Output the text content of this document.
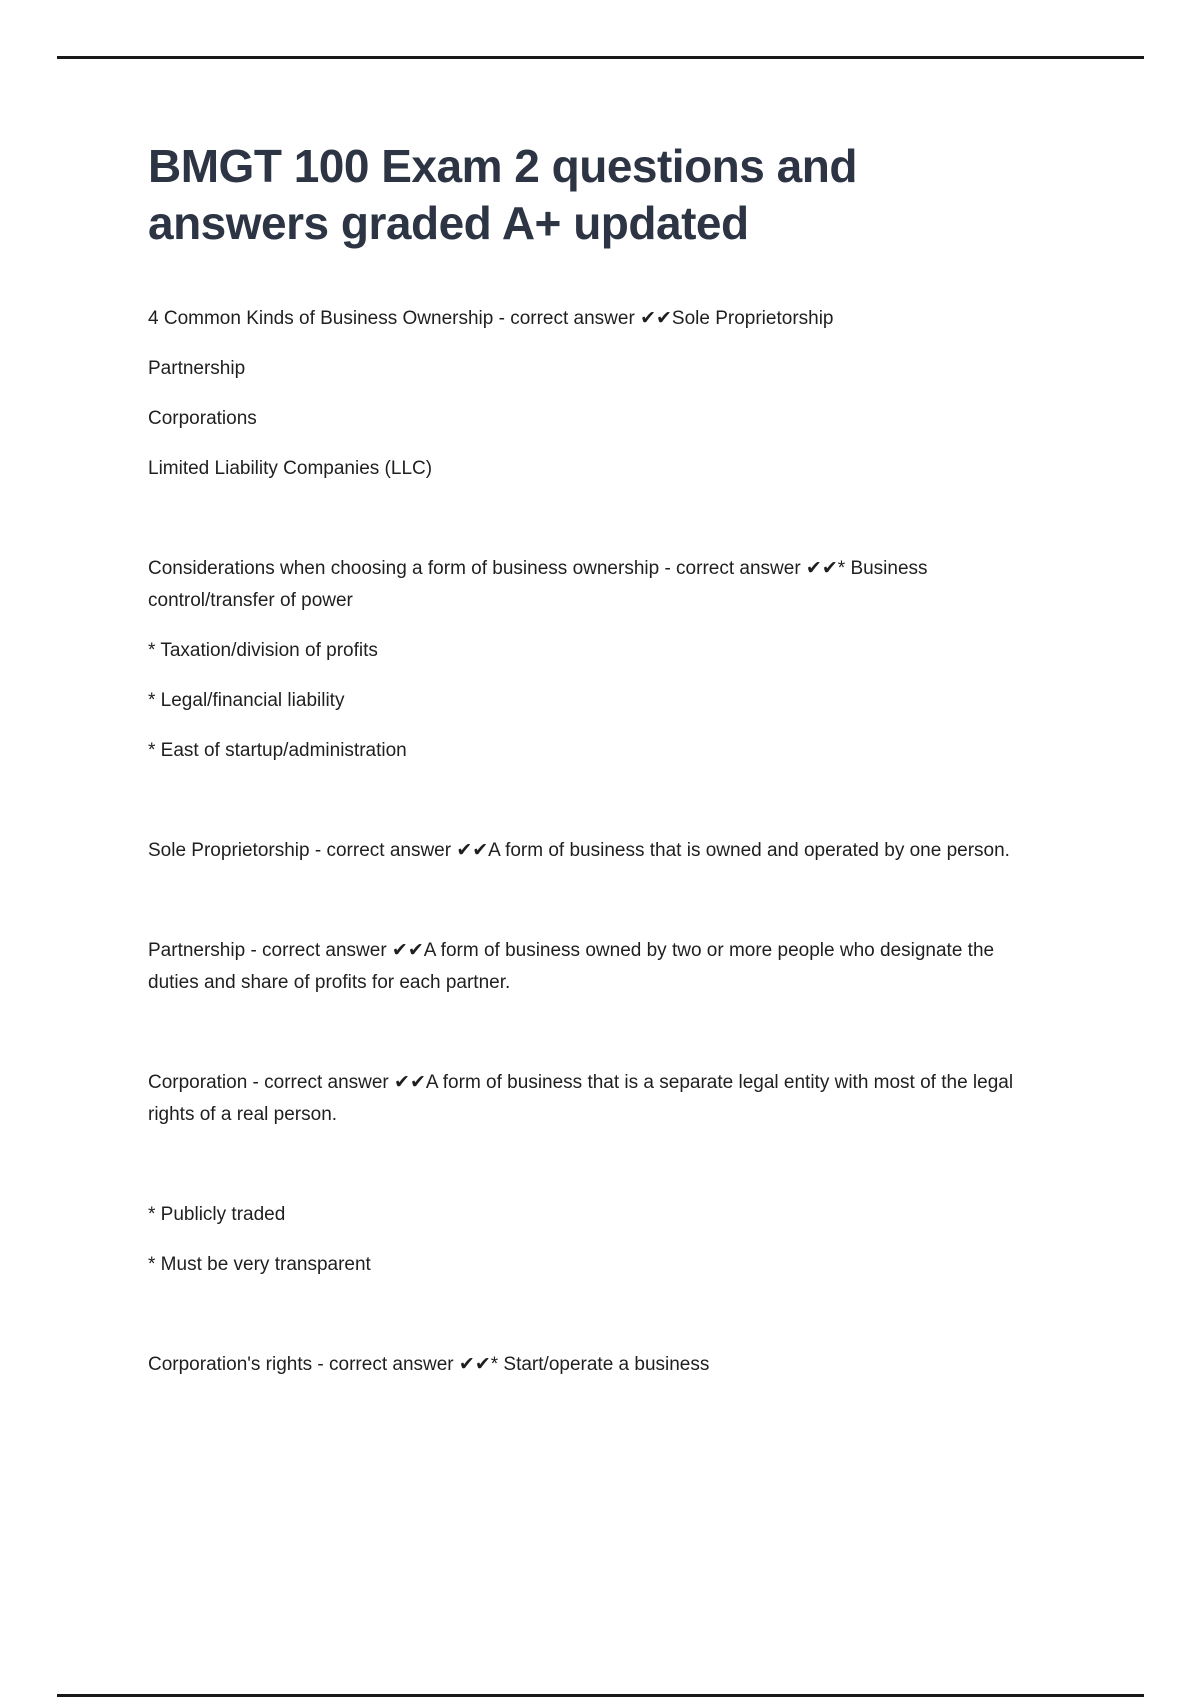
BMGT 100 Exam 2 questions and answers graded A+ updated

4 Common Kinds of Business Ownership - correct answer ✔✔Sole Proprietorship

Partnership

Corporations

Limited Liability Companies (LLC)

Considerations when choosing a form of business ownership - correct answer ✔✔* Business control/transfer of power

* Taxation/division of profits

* Legal/financial liability

* East of startup/administration

Sole Proprietorship - correct answer ✔✔A form of business that is owned and operated by one person.

Partnership - correct answer ✔✔A form of business owned by two or more people who designate the duties and share of profits for each partner.

Corporation - correct answer ✔✔A form of business that is a separate legal entity with most of the legal rights of a real person.

* Publicly traded

* Must be very transparent

Corporation's rights - correct answer ✔✔* Start/operate a business
